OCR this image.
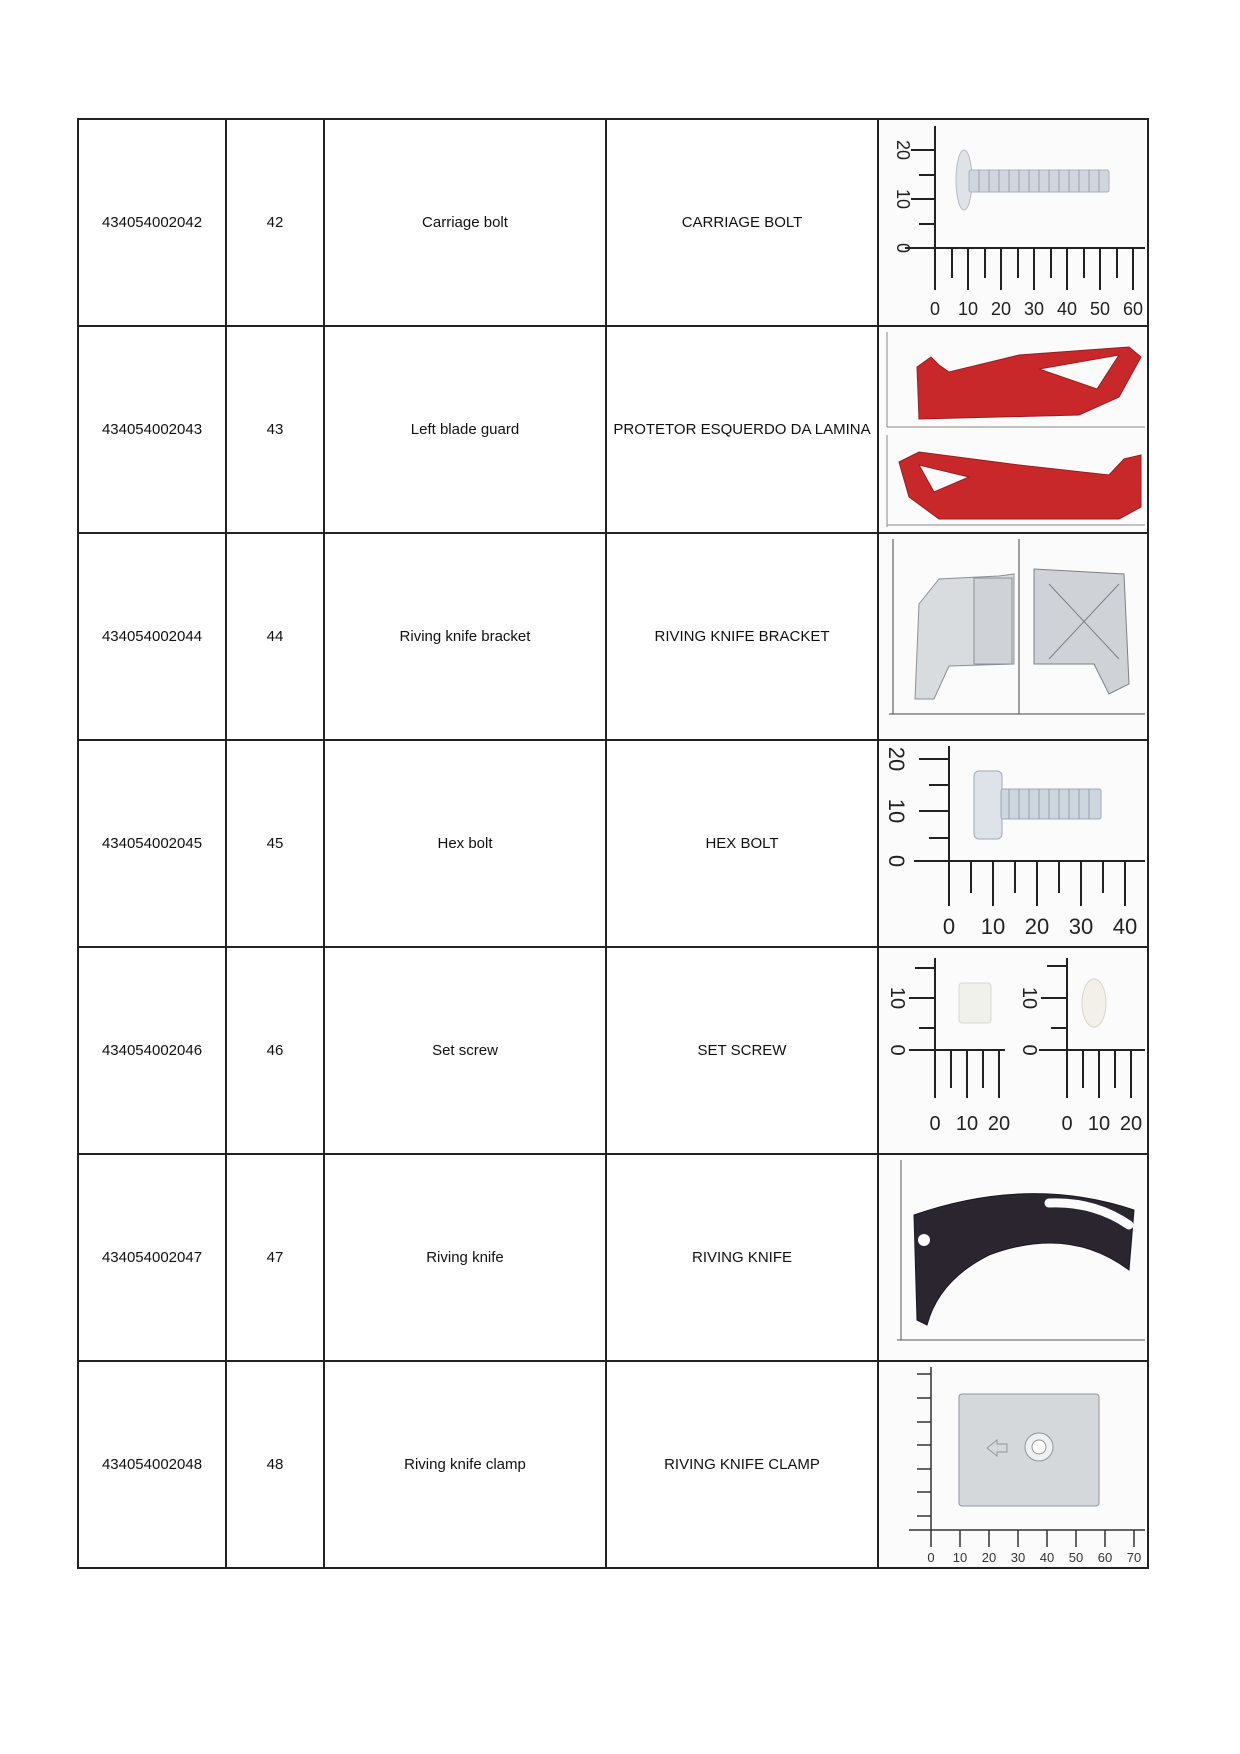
434054002042	42	Carriage bolt	CARRIAGE BOLT	
0 10 20 30 40 50 60
0
10
20

434054002043	43	Left blade guard	PROTETOR ESQUERDO DA LAMINA	

434054002044	44	Riving knife bracket	RIVING KNIFE BRACKET	

434054002045	45	Hex bolt	HEX BOLT	
0 10 20 30 40
0
10
20

434054002046	46	Set screw	SET SCREW	
0 10 20	0 10 20
0
10
0
10

434054002047	47	Riving knife	RIVING KNIFE	

434054002048	48	Riving knife clamp	RIVING KNIFE CLAMP	
0 10 20 30 40 50 60 70
